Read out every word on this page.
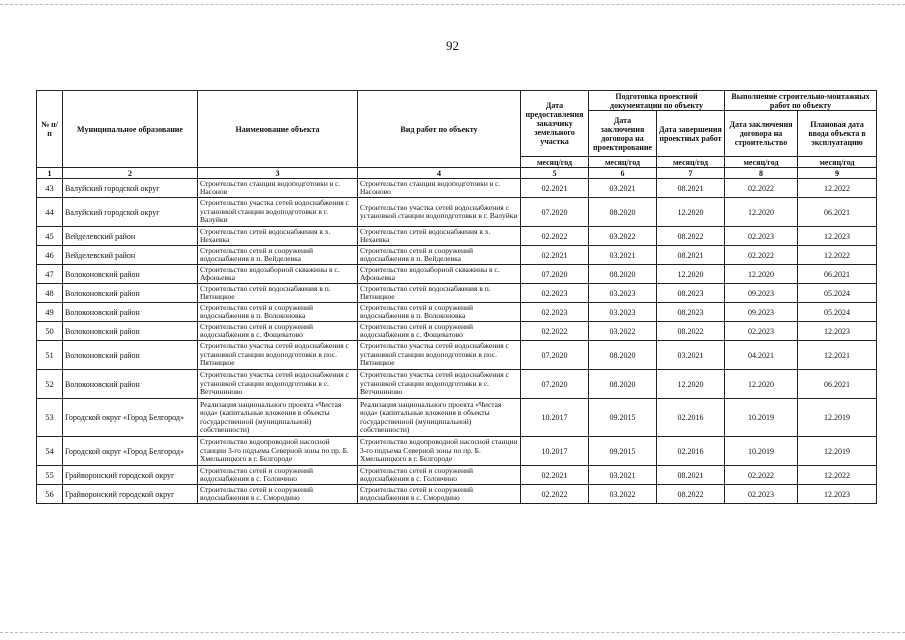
92
№ п/п	Муниципальное образование	Наименование объекта	Вид работ по объекту	Дата предоставления заказчику земельного участка	Подготовка проектной документации по объекту		Выполнение строительно-монтажных работ по объекту	
					Дата заключения договора на проектирование	Дата завершения проектных работ	Дата заключения договора на строительство	Плановая дата ввода объекта в эксплуатацию
				месяц/год	месяц/год	месяц/год	месяц/год	месяц/год
1	2	3	4	5	6	7	8	9
43	Валуйский городской округ	Строительство станции водоподготовки в с. Насонов	Строительство станции водоподготовки в с. Насоново	02.2021	03.2021	08.2021	02.2022	12.2022
44	Валуйский городской округ	Строительство участка сетей водоснабжения с установкой станции водоподготовки в г. Валуйки	Строительство участка сетей водоснабжения с установкой станции водоподготовки в г. Валуйки	07.2020	08.2020	12.2020	12.2020	06.2021
45	Вейделевский район	Строительство сетей водоснабжения в х. Нехаевка	Строительство сетей водоснабжения в х. Нехаевка	02.2022	03.2022	08.2022	02.2023	12.2023
46	Вейделевский район	Строительство сетей и сооружений водоснабжения в п. Вейделевка	Строительство сетей и сооружений водоснабжения в п. Вейделевка	02.2021	03.2021	08.2021	02.2022	12.2022
47	Волоконовский район	Строительство водозаборной скважины в с. Афоньевка	Строительство водозаборной скважины в с. Афоньевка	07.2020	08.2020	12.2020	12.2020	06.2021
48	Волоконовский район	Строительство сетей водоснабжения в п. Пятницкое	Строительство сетей водоснабжения в п. Пятницкое	02.2023	03.2023	08.2023	09.2023	05.2024
49	Волоконовский район	Строительство сетей и сооружений водоснабжения в п. Волоконовка	Строительство сетей и сооружений водоснабжения в п. Волоконовка	02.2023	03.2023	08.2023	09.2023	05.2024
50	Волоконовский район	Строительство сетей и сооружений водоснабжения в с. Фощеватово	Строительство сетей и сооружений водоснабжения в с. Фощеватово	02.2022	03.2022	08.2022	02.2023	12.2023
51	Волоконовский район	Строительство участка сетей водоснабжения с установкой станции водоподготовки в пос. Пятницкое	Строительство участка сетей водоснабжения с установкой станции водоподготовки в пос. Пятницкое	07.2020	08.2020	03.2021	04.2021	12.2021
52	Волоконовский район	Строительство участка сетей водоснабжения с установкой станции водоподготовки в с. Ветчининово	Строительство участка сетей водоснабжения с установкой станции водоподготовки в с. Ветчининово	07.2020	08.2020	12.2020	12.2020	06.2021
53	Городской округ «Город Белгород»	Реализация национального проекта «Чистая вода» (капитальные вложения в объекты государственной (муниципальной) собственности)	Реализация национального проекта «Чистая вода» (капитальные вложения в объекты государственной (муниципальной) собственности)	10.2017	09.2015	02.2016	10.2019	12.2019
54	Городской округ «Город Белгород»	Строительство водопроводной насосной станции 3-го подъема Северной зоны по пр. Б. Хмельницкого в г. Белгороде	Строительство водопроводной насосной станции 3-го подъема Северной зоны по пр. Б. Хмельницкого в г. Белгороде	10.2017	09.2015	02.2016	10.2019	12.2019
55	Грайворонский городской округ	Строительство сетей и сооружений водоснабжения в с. Головчино	Строительство сетей и сооружений водоснабжения в с. Головчино	02.2021	03.2021	08.2021	02.2022	12.2022
56	Грайворонский городской округ	Строительство сетей и сооружений водоснабжения в с. Смородино	Строительство сетей и сооружений водоснабжения в с. Смородино	02.2022	03.2022	08.2022	02.2023	12.2023
